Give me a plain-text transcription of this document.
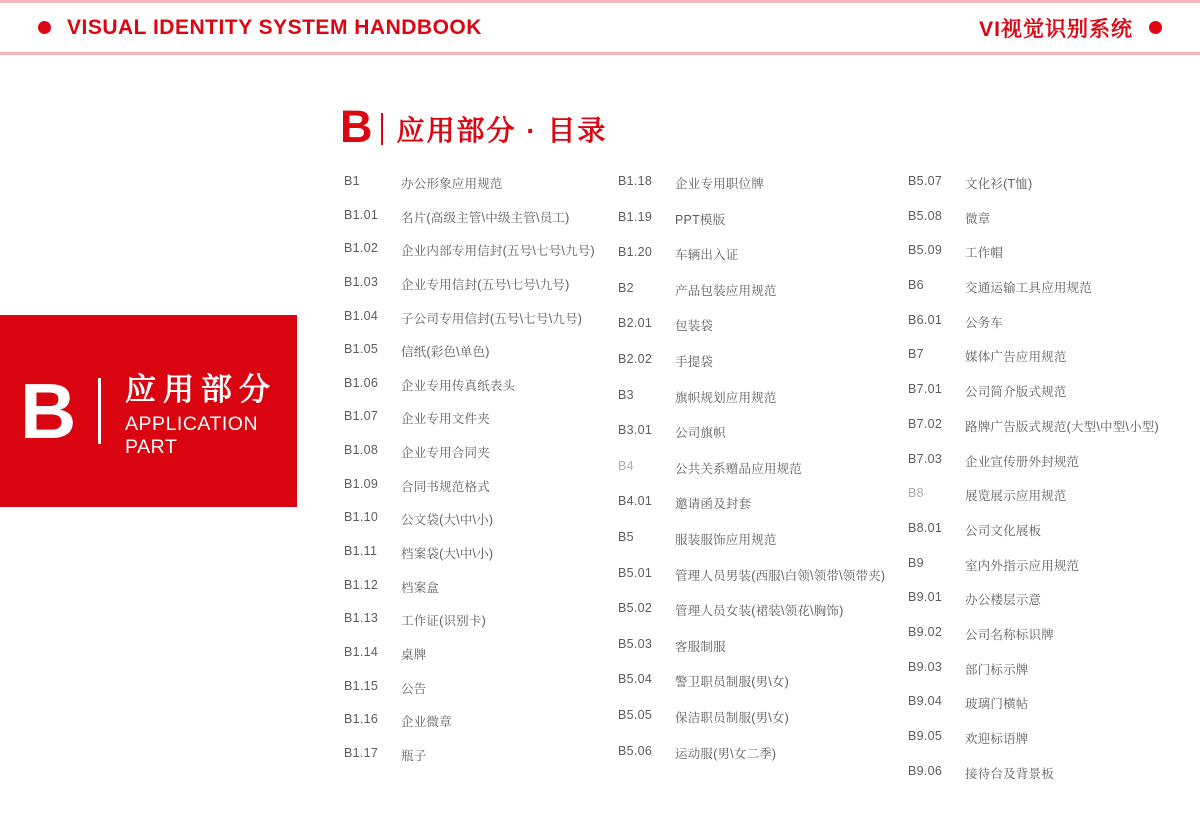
VISUAL IDENTITY SYSTEM HANDBOOK	VI视觉识别系统
B 应用部分
APPLICATION PART
B 应用部分 · 目录
B1	办公形象应用规范
B1.01	名片(高级主管\中级主管\员工)
B1.02	企业内部专用信封(五号\七号\九号)
B1.03	企业专用信封(五号\七号\九号)
B1.04	子公司专用信封(五号\七号\九号)
B1.05	信纸(彩色\单色)
B1.06	企业专用传真纸表头
B1.07	企业专用文件夹
B1.08	企业专用合同夹
B1.09	合同书规范格式
B1.10	公文袋(大\中\小)
B1.11	档案袋(大\中\小)
B1.12	档案盒
B1.13	工作证(识别卡)
B1.14	桌牌
B1.15	公告
B1.16	企业微章
B1.17	瓶子
B1.18	企业专用职位牌
B1.19	PPT模版
B1.20	车辆出入证
B2	产品包装应用规范
B2.01	包装袋
B2.02	手提袋
B3	旗帜规划应用规范
B3.01	公司旗帜
B4	公共关系赠品应用规范
B4.01	邀请函及封套
B5	服装服饰应用规范
B5.01	管理人员男装(西服\白领\领带\领带夹)
B5.02	管理人员女装(裙装\领花\胸饰)
B5.03	客服制服
B5.04	警卫职员制服(男\女)
B5.05	保洁职员制服(男\女)
B5.06	运动服(男\女二季)
B5.07	文化衫(T恤)
B5.08	微章
B5.09	工作帽
B6	交通运输工具应用规范
B6.01	公务车
B7	媒体广告应用规范
B7.01	公司简介版式规范
B7.02	路牌广告版式规范(大型\中型\小型)
B7.03	企业宣传册外封规范
B8	展览展示应用规范
B8.01	公司文化展板
B9	室内外指示应用规范
B9.01	办公楼层示意
B9.02	公司名称标识牌
B9.03	部门标示牌
B9.04	玻璃门横帖
B9.05	欢迎标语牌
B9.06	接待台及背景板
